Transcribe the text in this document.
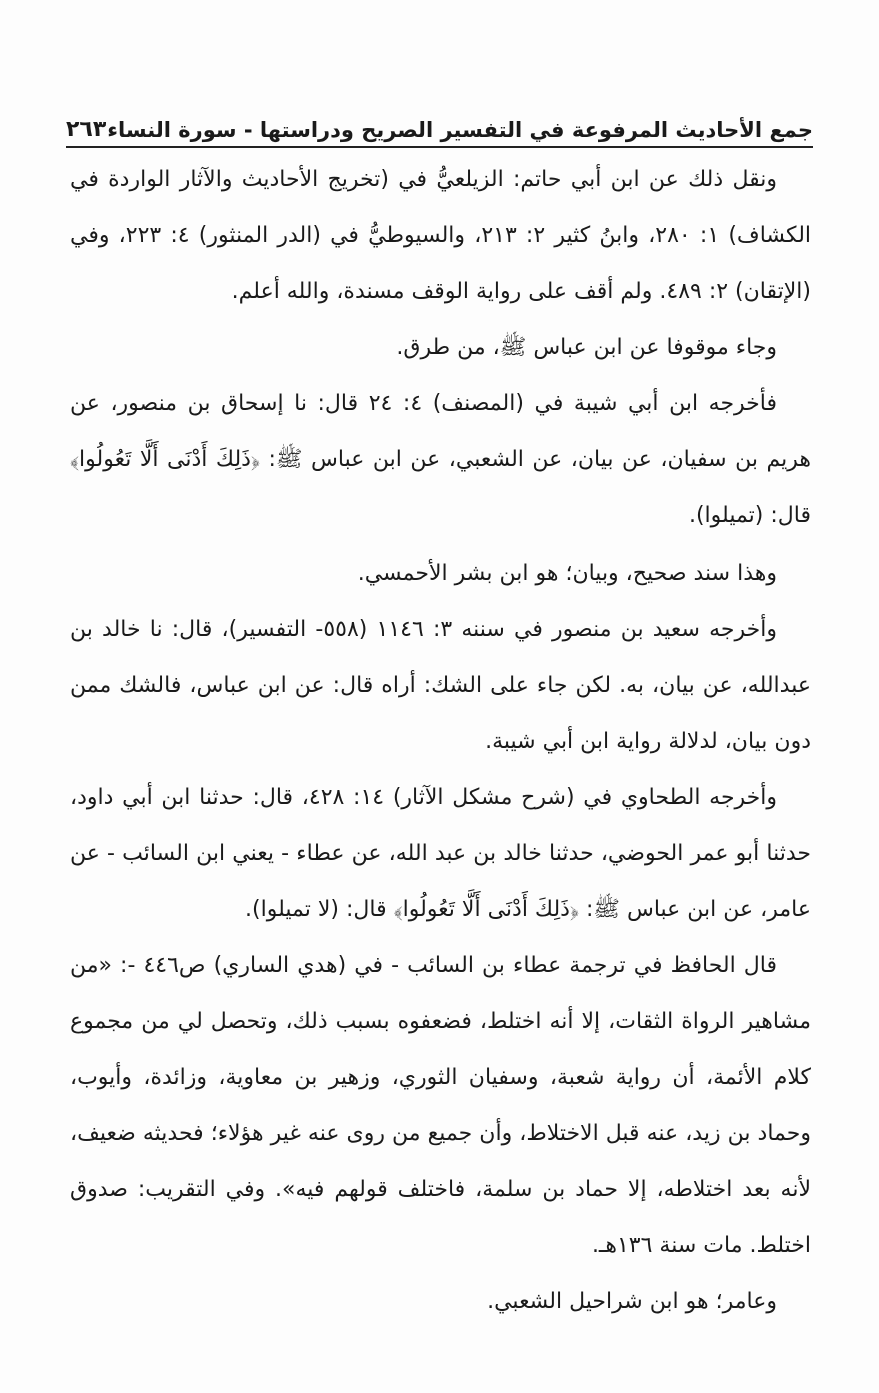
جمع الأحاديث المرفوعة في التفسير الصريح ودراستها - سورة النساء
٢٦٣

ونقل ذلك عن ابن أبي حاتم: الزيلعيُّ في (تخريج الأحاديث والآثار الواردة في الكشاف) ١: ٢٨٠، وابنُ كثير ٢: ٢١٣، والسيوطيُّ في (الدر المنثور) ٤: ٢٢٣، وفي (الإتقان) ٢: ٤٨٩. ولم أقف على رواية الوقف مسندة، والله أعلم.

وجاء موقوفا عن ابن عباس ﷺ، من طرق.

فأخرجه ابن أبي شيبة في (المصنف) ٤: ٢٤ قال: نا إسحاق بن منصور، عن هريم بن سفيان، عن بيان، عن الشعبي، عن ابن عباس ﷺ: ﴿ذَلِكَ أَدْنَى أَلَّا تَعُولُوا﴾ قال: (تميلوا).

وهذا سند صحيح، وبيان؛ هو ابن بشر الأحمسي.

وأخرجه سعيد بن منصور في سننه ٣: ١١٤٦ (٥٥٨- التفسير)، قال: نا خالد بن عبدالله، عن بيان، به. لكن جاء على الشك: أراه قال: عن ابن عباس، فالشك ممن دون بيان، لدلالة رواية ابن أبي شيبة.

وأخرجه الطحاوي في (شرح مشكل الآثار) ١٤: ٤٢٨، قال: حدثنا ابن أبي داود، حدثنا أبو عمر الحوضي، حدثنا خالد بن عبد الله، عن عطاء - يعني ابن السائب - عن عامر، عن ابن عباس ﷺ: ﴿ذَلِكَ أَدْنَى أَلَّا تَعُولُوا﴾ قال: (لا تميلوا).

قال الحافظ في ترجمة عطاء بن السائب - في (هدي الساري) ص٤٤٦ -: «من مشاهير الرواة الثقات، إلا أنه اختلط، فضعفوه بسبب ذلك، وتحصل لي من مجموع كلام الأئمة، أن رواية شعبة، وسفيان الثوري، وزهير بن معاوية، وزائدة، وأيوب، وحماد بن زيد، عنه قبل الاختلاط، وأن جميع من روى عنه غير هؤلاء؛ فحديثه ضعيف، لأنه بعد اختلاطه، إلا حماد بن سلمة، فاختلف قولهم فيه». وفي التقريب: صدوق اختلط. مات سنة ١٣٦هـ.

وعامر؛ هو ابن شراحيل الشعبي.
